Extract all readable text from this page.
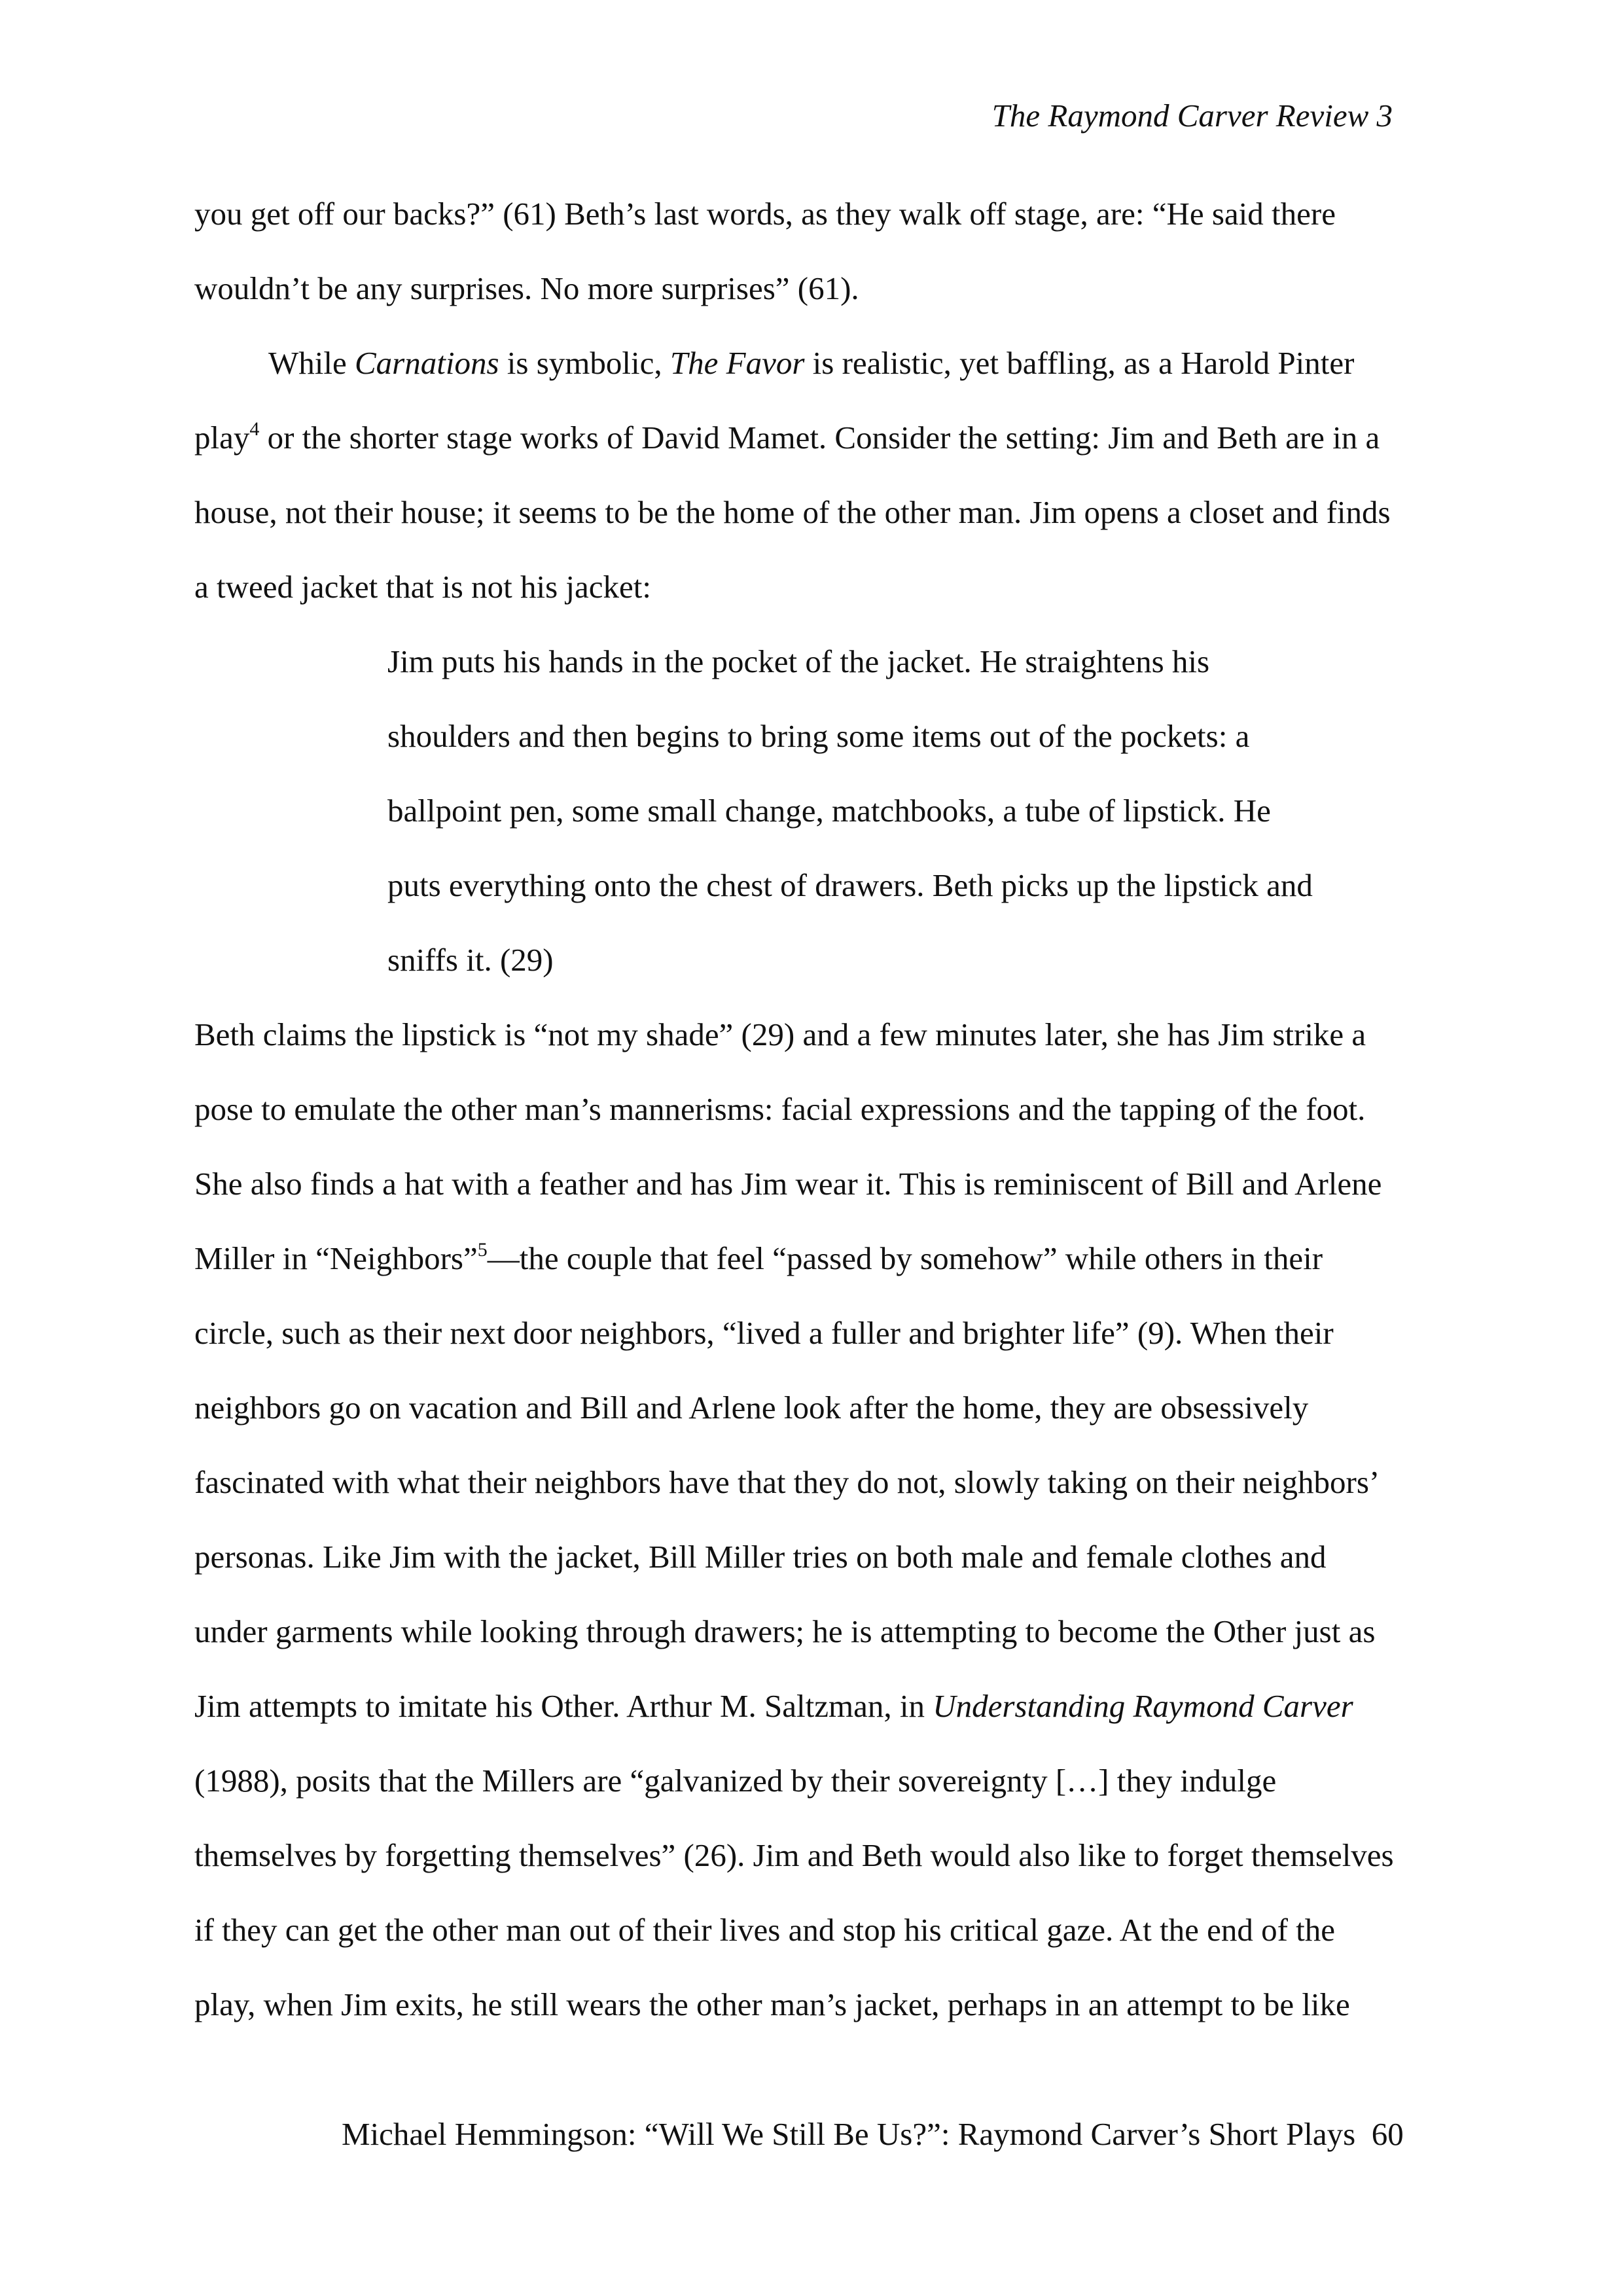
The Raymond Carver Review 3
you get off our backs?” (61) Beth’s last words, as they walk off stage, are: “He said there
wouldn’t be any surprises. No more surprises” (61).
While Carnations is symbolic, The Favor is realistic, yet baffling, as a Harold Pinter
play$^4$ or the shorter stage works of David Mamet. Consider the setting: Jim and Beth are in a
house, not their house; it seems to be the home of the other man. Jim opens a closet and finds
a tweed jacket that is not his jacket:
Jim puts his hands in the pocket of the jacket. He straightens his
shoulders and then begins to bring some items out of the pockets: a
ballpoint pen, some small change, matchbooks, a tube of lipstick. He
puts everything onto the chest of drawers. Beth picks up the lipstick and
sniffs it. (29)
Beth claims the lipstick is “not my shade” (29) and a few minutes later, she has Jim strike a
pose to emulate the other man’s mannerisms: facial expressions and the tapping of the foot.
She also finds a hat with a feather and has Jim wear it. This is reminiscent of Bill and Arlene
Miller in “Neighbors”$^5$—the couple that feel “passed by somehow” while others in their
circle, such as their next door neighbors, “lived a fuller and brighter life” (9). When their
neighbors go on vacation and Bill and Arlene look after the home, they are obsessively
fascinated with what their neighbors have that they do not, slowly taking on their neighbors’
personas. Like Jim with the jacket, Bill Miller tries on both male and female clothes and
under garments while looking through drawers; he is attempting to become the Other just as
Jim attempts to imitate his Other. Arthur M. Saltzman, in Understanding Raymond Carver
(1988), posits that the Millers are “galvanized by their sovereignty […] they indulge
themselves by forgetting themselves” (26). Jim and Beth would also like to forget themselves
if they can get the other man out of their lives and stop his critical gaze. At the end of the
play, when Jim exits, he still wears the other man’s jacket, perhaps in an attempt to be like
Michael Hemmingson: “Will We Still Be Us?”: Raymond Carver’s Short Plays  60
